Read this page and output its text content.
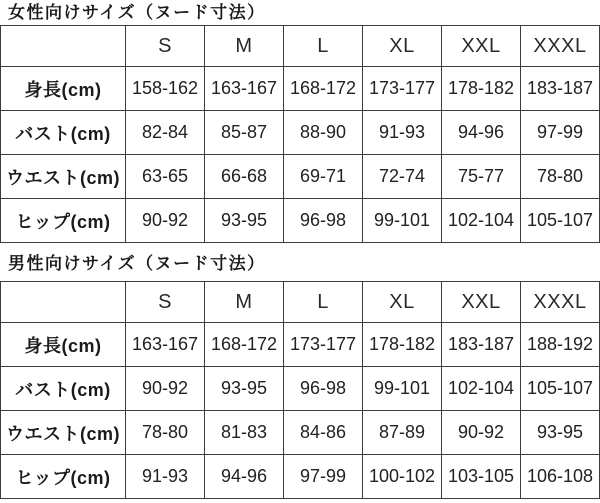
女性向けサイズ（ヌード寸法）
	S	M	L	XL	XXL	XXXL
身長(cm)	158-162	163-167	168-172	173-177	178-182	183-187
バスト(cm)	82-84	85-87	88-90	91-93	94-96	97-99
ウエスト(cm)	63-65	66-68	69-71	72-74	75-77	78-80
ヒップ(cm)	90-92	93-95	96-98	99-101	102-104	105-107
男性向けサイズ（ヌード寸法）
	S	M	L	XL	XXL	XXXL
身長(cm)	163-167	168-172	173-177	178-182	183-187	188-192
バスト(cm)	90-92	93-95	96-98	99-101	102-104	105-107
ウエスト(cm)	78-80	81-83	84-86	87-89	90-92	93-95
ヒップ(cm)	91-93	94-96	97-99	100-102	103-105	106-108
